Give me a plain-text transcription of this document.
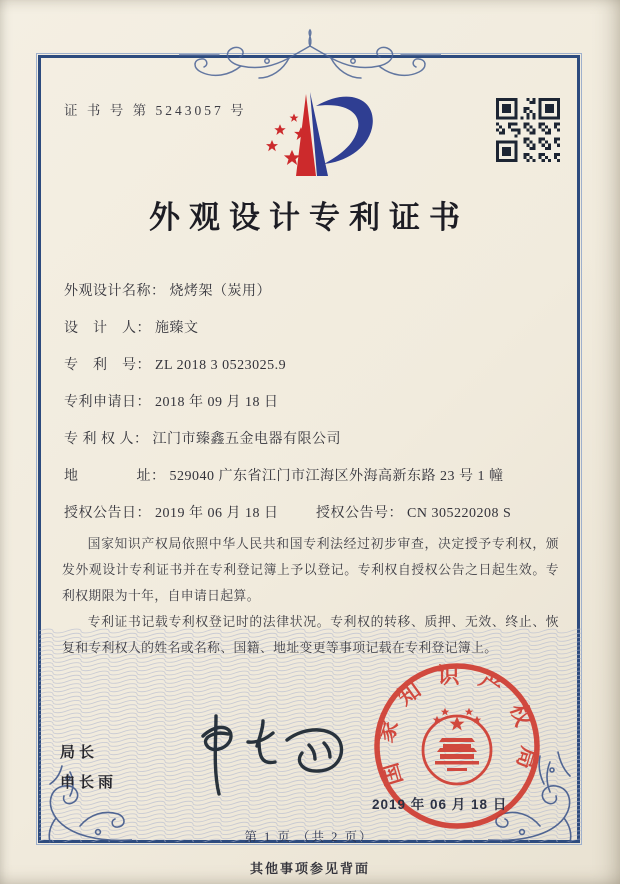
证 书 号 第 5243057 号
外观设计专利证书
外观设计名称： 烧烤架（炭用）
设　计　人： 施臻文
专　利　号： ZL 2018 3 0523025.9
专利申请日： 2018 年 09 月 18 日
专 利 权 人： 江门市臻鑫五金电器有限公司
地　　　　址： 529040 广东省江门市江海区外海高新东路 23 号 1 幢
授权公告日： 2019 年 06 月 18 日	授权公告号： CN 305220208 S

国家知识产权局依照中华人民共和国专利法经过初步审查，决定授予专利权，颁发外观设计专利证书并在专利登记簿上予以登记。专利权自授权公告之日起生效。专利权期限为十年，自申请日起算。

专利证书记载专利权登记时的法律状况。专利权的转移、质押、无效、终止、恢复和专利权人的姓名或名称、国籍、地址变更等事项记载在专利登记簿上。

局长
申长雨	国家知识产权局
2019 年 06 月 18 日
第 1 页 （共 2 页）
其他事项参见背面
